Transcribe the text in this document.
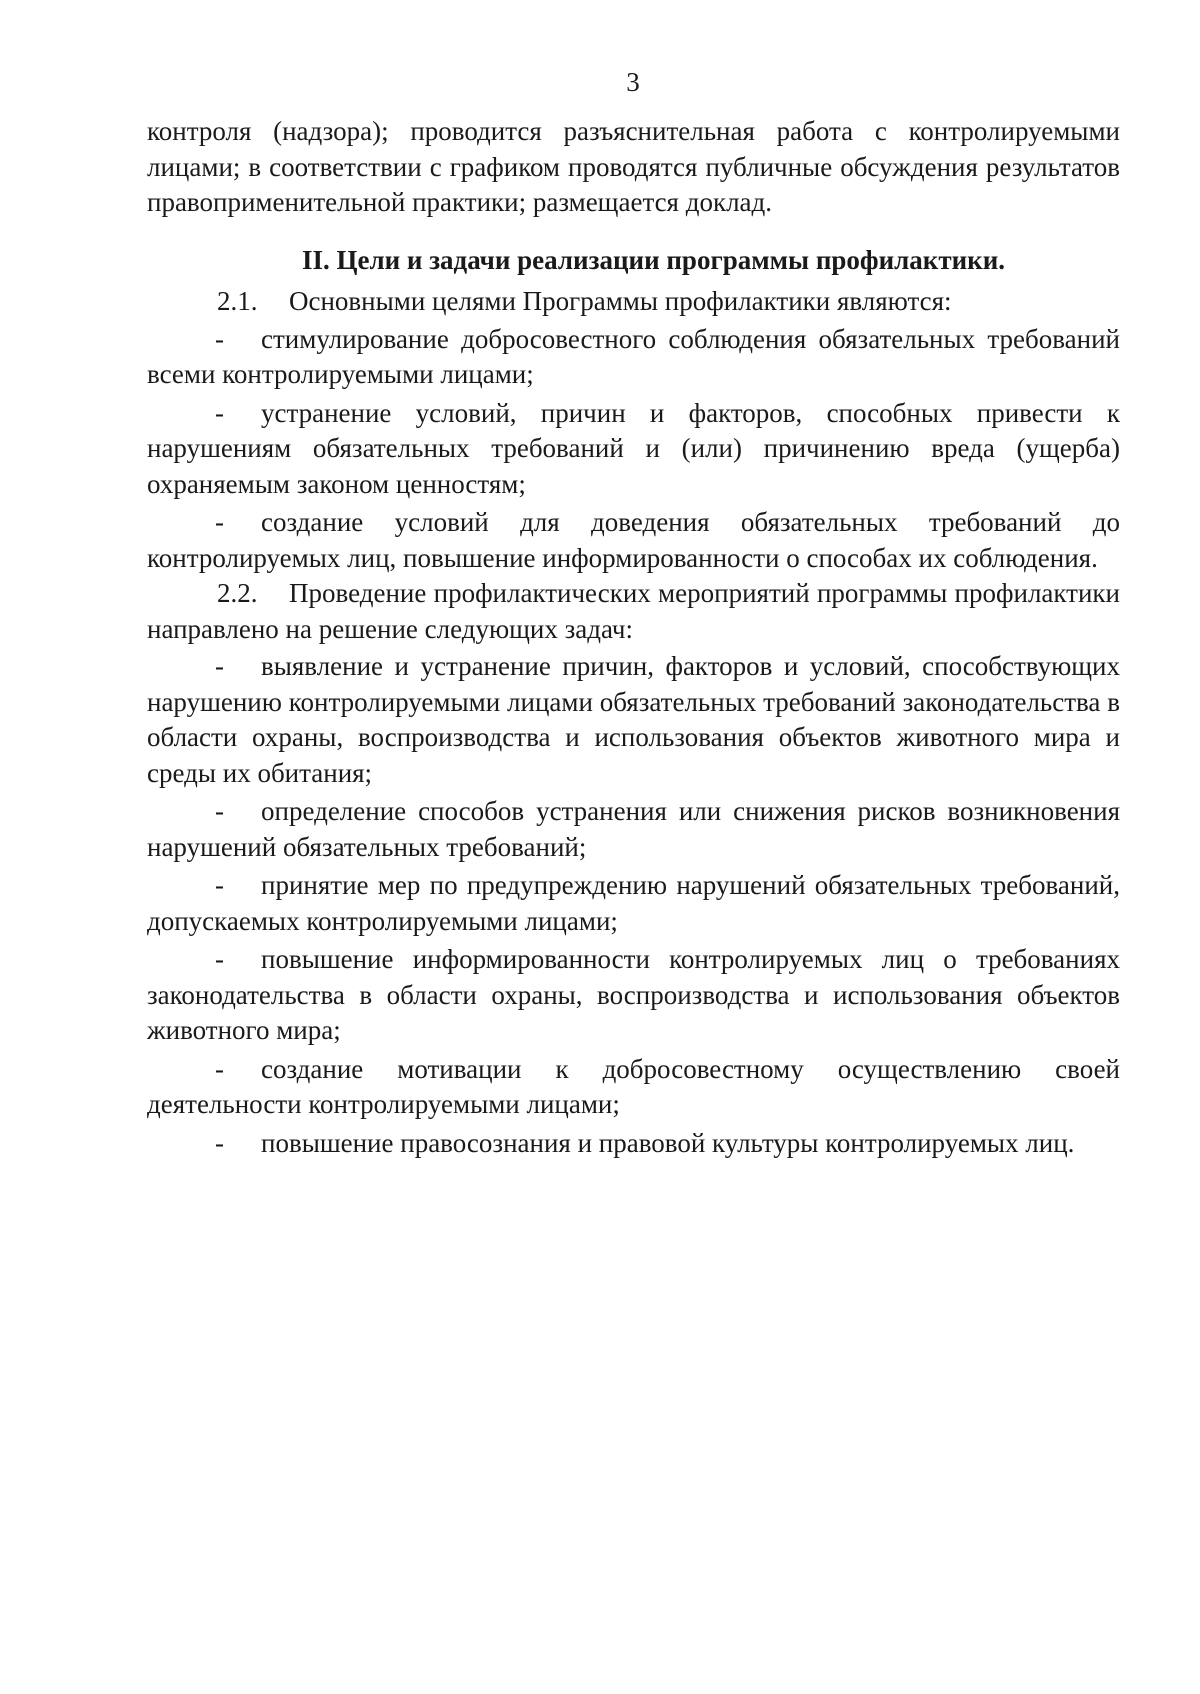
3

контроля (надзора); проводится разъяснительная работа с контролируемыми лицами; в соответствии с графиком проводятся публичные обсуждения результатов правоприменительной практики; размещается доклад.

II. Цели и задачи реализации программы профилактики.

2.1. Основными целями Программы профилактики являются:

- стимулирование добросовестного соблюдения обязательных требований всеми контролируемыми лицами;

- устранение условий, причин и факторов, способных привести к нарушениям обязательных требований и (или) причинению вреда (ущерба) охраняемым законом ценностям;

- создание условий для доведения обязательных требований до контролируемых лиц, повышение информированности о способах их соблюдения.

2.2. Проведение профилактических мероприятий программы профилактики направлено на решение следующих задач:

- выявление и устранение причин, факторов и условий, способствующих нарушению контролируемыми лицами обязательных требований законодательства в области охраны, воспроизводства и использования объектов животного мира и среды их обитания;

- определение способов устранения или снижения рисков возникновения нарушений обязательных требований;

- принятие мер по предупреждению нарушений обязательных требований, допускаемых контролируемыми лицами;

- повышение информированности контролируемых лиц о требованиях законодательства в области охраны, воспроизводства и использования объектов животного мира;

- создание мотивации к добросовестному осуществлению своей деятельности контролируемыми лицами;

- повышение правосознания и правовой культуры контролируемых лиц.
